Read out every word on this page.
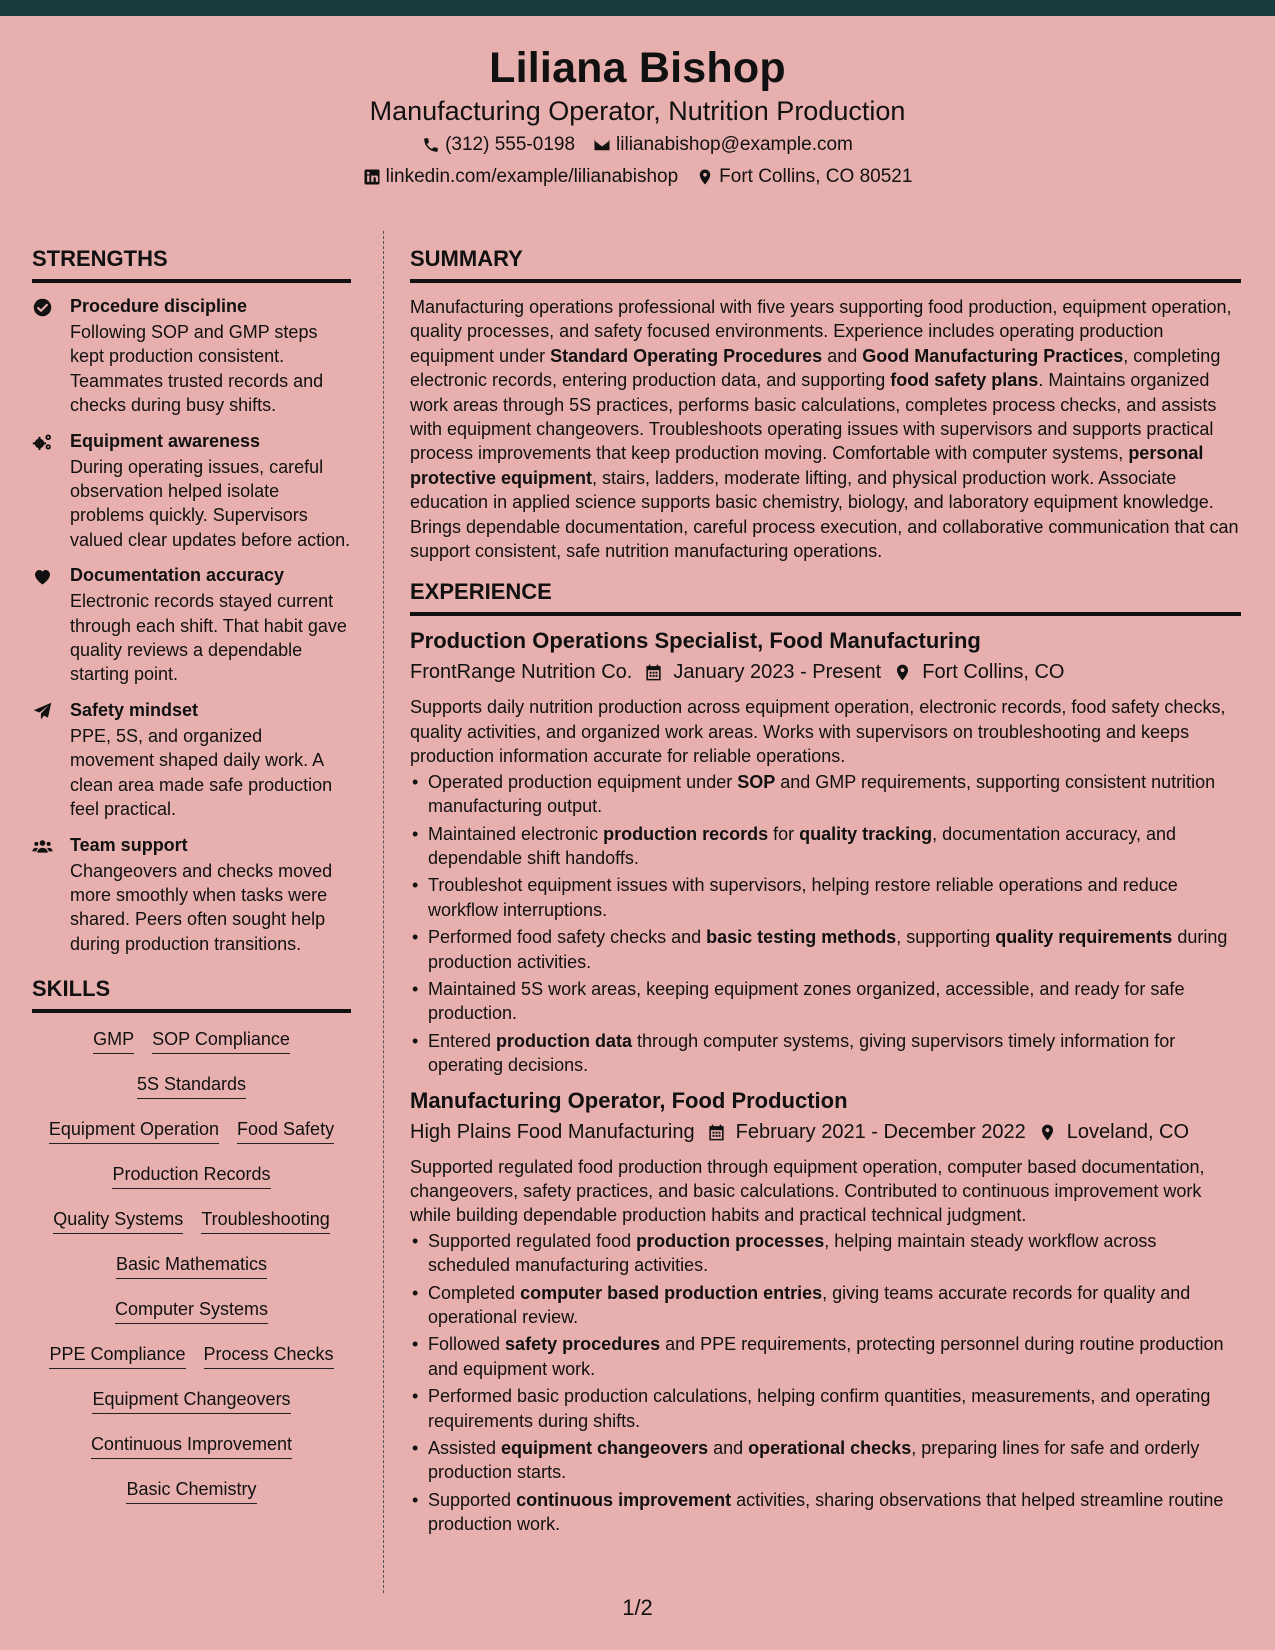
Liliana Bishop
Manufacturing Operator, Nutrition Production
(312) 555-0198 lilianabishop@example.com
linkedin.com/example/lilianabishop Fort Collins, CO 80521
STRENGTHS
Procedure discipline
Following SOP and GMP steps kept production consistent. Teammates trusted records and checks during busy shifts.
Equipment awareness
During operating issues, careful observation helped isolate problems quickly. Supervisors valued clear updates before action.
Documentation accuracy
Electronic records stayed current through each shift. That habit gave quality reviews a dependable starting point.
Safety mindset
PPE, 5S, and organized movement shaped daily work. A clean area made safe production feel practical.
Team support
Changeovers and checks moved more smoothly when tasks were shared. Peers often sought help during production transitions.
SKILLS
GMP SOP Compliance
5S Standards
Equipment Operation Food Safety
Production Records
Quality Systems Troubleshooting
Basic Mathematics
Computer Systems
PPE Compliance Process Checks
Equipment Changeovers
Continuous Improvement
Basic Chemistry
SUMMARY
Manufacturing operations professional with five years supporting food production, equipment operation, quality processes, and safety focused environments. Experience includes operating production equipment under Standard Operating Procedures and Good Manufacturing Practices, completing electronic records, entering production data, and supporting food safety plans. Maintains organized work areas through 5S practices, performs basic calculations, completes process checks, and assists with equipment changeovers. Troubleshoots operating issues with supervisors and supports practical process improvements that keep production moving. Comfortable with computer systems, personal protective equipment, stairs, ladders, moderate lifting, and physical production work. Associate education in applied science supports basic chemistry, biology, and laboratory equipment knowledge. Brings dependable documentation, careful process execution, and collaborative communication that can support consistent, safe nutrition manufacturing operations.
EXPERIENCE
Production Operations Specialist, Food Manufacturing
FrontRange Nutrition Co. January 2023 - Present Fort Collins, CO
Supports daily nutrition production across equipment operation, electronic records, food safety checks, quality activities, and organized work areas. Works with supervisors on troubleshooting and keeps production information accurate for reliable operations.
• Operated production equipment under SOP and GMP requirements, supporting consistent nutrition manufacturing output.
• Maintained electronic production records for quality tracking, documentation accuracy, and dependable shift handoffs.
• Troubleshot equipment issues with supervisors, helping restore reliable operations and reduce workflow interruptions.
• Performed food safety checks and basic testing methods, supporting quality requirements during production activities.
• Maintained 5S work areas, keeping equipment zones organized, accessible, and ready for safe production.
• Entered production data through computer systems, giving supervisors timely information for operating decisions.
Manufacturing Operator, Food Production
High Plains Food Manufacturing February 2021 - December 2022 Loveland, CO
Supported regulated food production through equipment operation, computer based documentation, changeovers, safety practices, and basic calculations. Contributed to continuous improvement work while building dependable production habits and practical technical judgment.
• Supported regulated food production processes, helping maintain steady workflow across scheduled manufacturing activities.
• Completed computer based production entries, giving teams accurate records for quality and operational review.
• Followed safety procedures and PPE requirements, protecting personnel during routine production and equipment work.
• Performed basic production calculations, helping confirm quantities, measurements, and operating requirements during shifts.
• Assisted equipment changeovers and operational checks, preparing lines for safe and orderly production starts.
• Supported continuous improvement activities, sharing observations that helped streamline routine production work.
1/2
